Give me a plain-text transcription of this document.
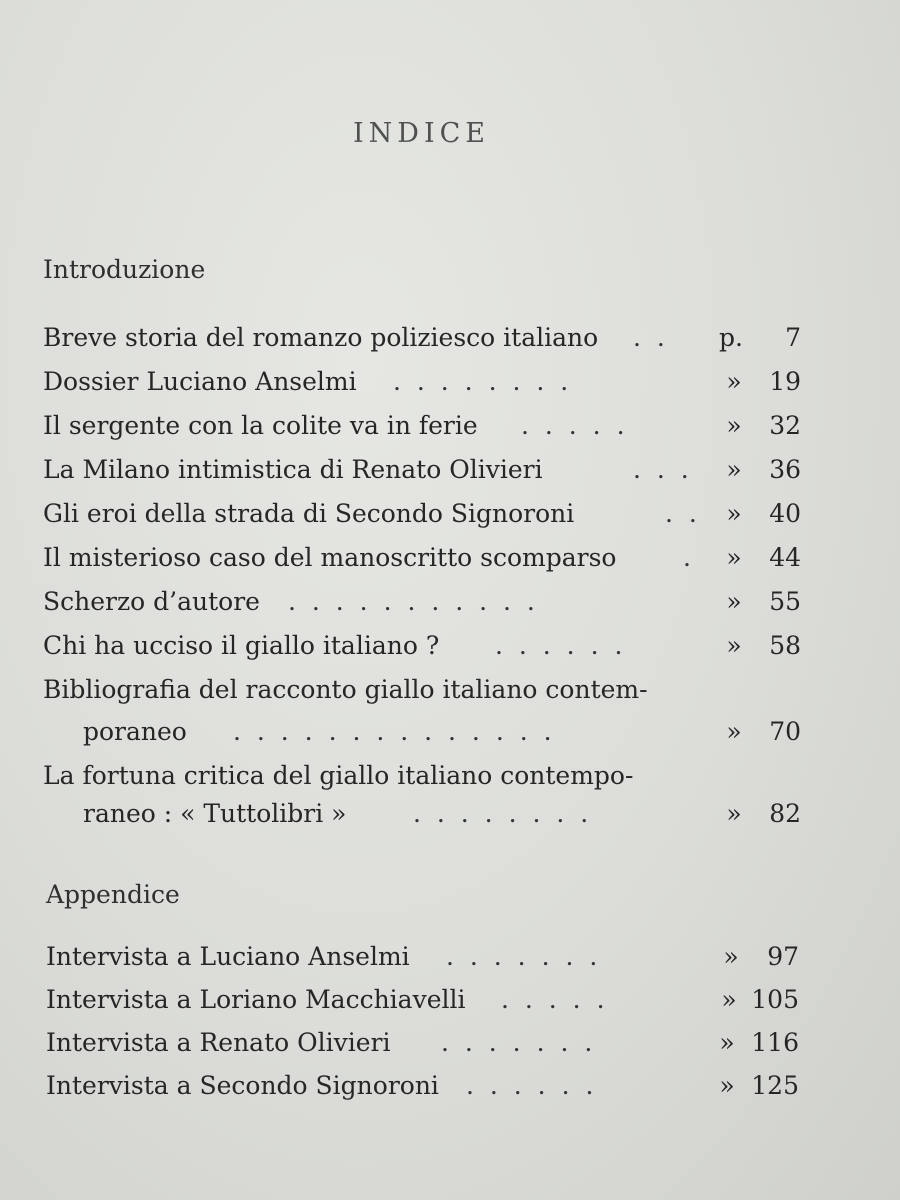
INDICE
Introduzione
Breve storia del romanzo poliziesco italiano . . p.	7
Dossier Luciano Anselmi . . . . . . . .	»	19
Il sergente con la colite va in ferie . . . . .	»	32
La Milano intimistica di Renato Olivieri	. . . »	36
Gli eroi della strada di Secondo Signoroni	. . »	40
Il misterioso caso del manoscritto scomparso	. »	44
Scherzo d’autore . . . . . . . . . . .	»	55
Chi ha ucciso il giallo italiano ? . . . . . .	»	58
Bibliografia del racconto giallo italiano contem-
poraneo . . . . . . . . . . . . . .	»	70
La fortuna critica del giallo italiano contempo-
raneo : « Tuttolibri »	. . . . . . . .	»	82
Appendice
Intervista a Luciano Anselmi . . . . . . .	»	97
Intervista a Loriano Macchiavelli . . . . .	» 105
Intervista a Renato Olivieri . . . . . . .	» 116
Intervista a Secondo Signoroni . . . . . .	» 125
